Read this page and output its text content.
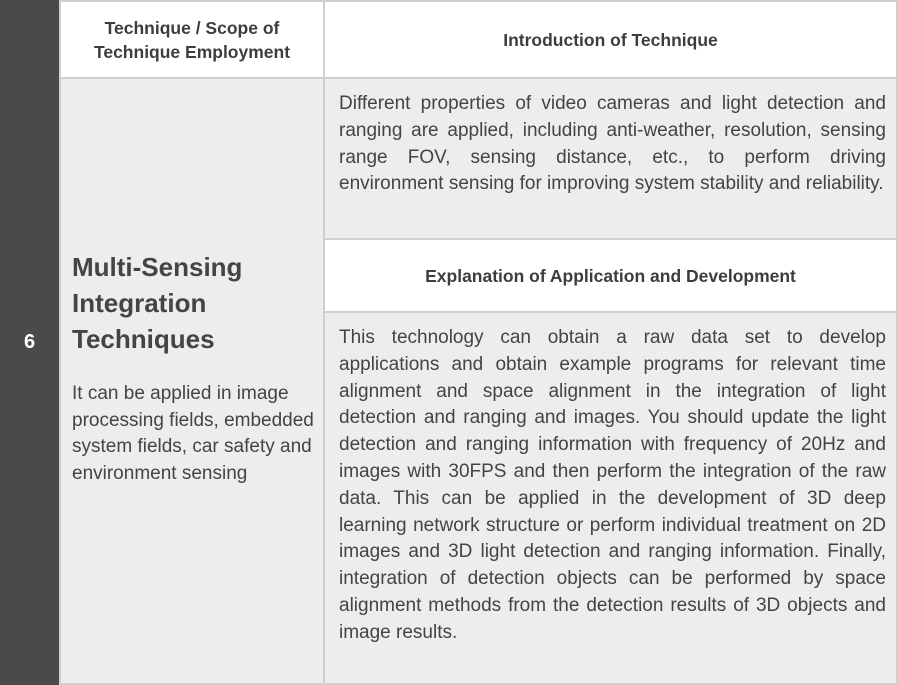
6
Technique / Scope of Technique Employment
Introduction of Technique
Multi-Sensing Integration Techniques
It can be applied in image processing fields, embedded system fields, car safety and environment sensing

Different properties of video cameras and light detection and ranging are applied, including anti-weather, resolution, sensing range FOV, sensing distance, etc., to perform driving environment sensing for improving system stability and reliability.

Explanation of Application and Development

This technology can obtain a raw data set to develop applications and obtain example programs for relevant time alignment and space alignment in the integration of light detection and ranging and images. You should update the light detection and ranging information with frequency of 20Hz and images with 30FPS and then perform the integration of the raw data. This can be applied in the development of 3D deep learning network structure or perform individual treatment on 2D images and 3D light detection and ranging information. Finally, integration of detection objects can be performed by space alignment methods from the detection results of 3D objects and image results.
